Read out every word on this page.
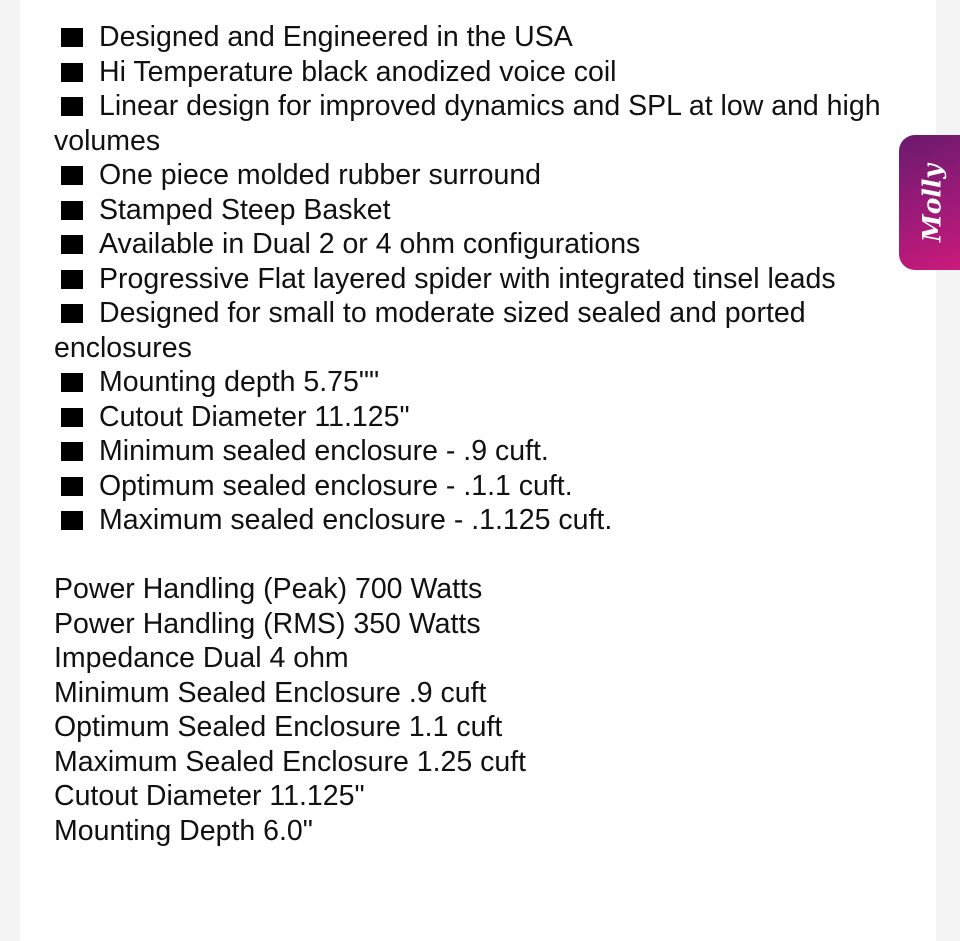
Designed and Engineered in the USA
Hi Temperature black anodized voice coil
Linear design for improved dynamics and SPL at low and high volumes
One piece molded rubber surround
Stamped Steep Basket
Available in Dual 2 or 4 ohm configurations
Progressive Flat layered spider with integrated tinsel leads
Designed for small to moderate sized sealed and ported enclosures
Mounting depth 5.75""
Cutout Diameter 11.125"
Minimum sealed enclosure - .9 cuft.
Optimum sealed enclosure - .1.1 cuft.
Maximum sealed enclosure - .1.125 cuft.
Power Handling (Peak) 700 Watts
Power Handling (RMS) 350 Watts
Impedance Dual 4 ohm
Minimum Sealed Enclosure .9 cuft
Optimum Sealed Enclosure 1.1 cuft
Maximum Sealed Enclosure 1.25 cuft
Cutout Diameter 11.125"
Mounting Depth 6.0"
Molly
